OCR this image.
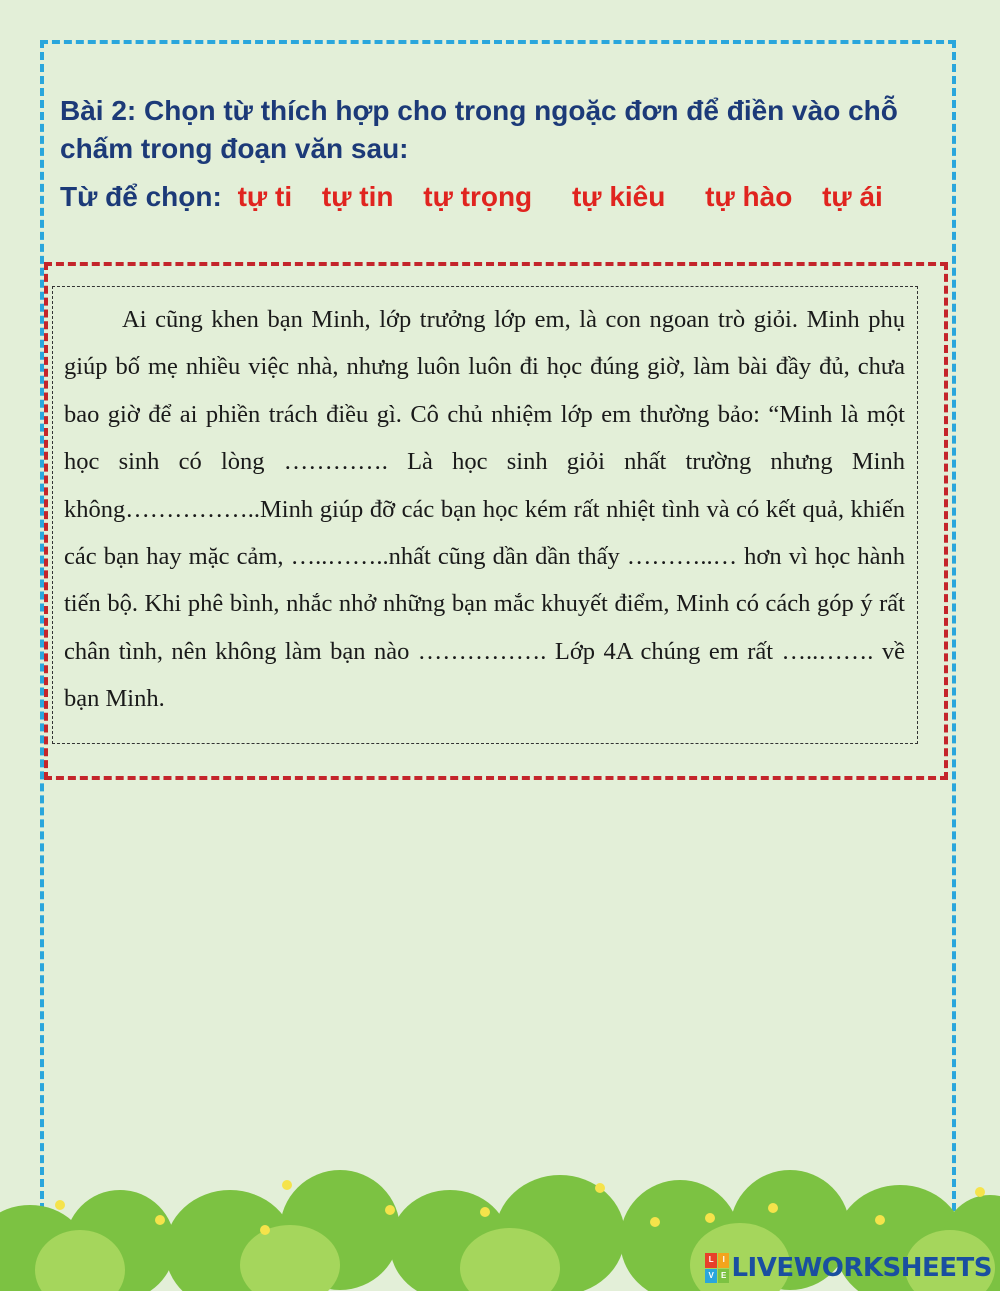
Bài 2: Chọn từ thích hợp cho trong ngoặc đơn để điền vào chỗ chấm trong đoạn văn sau:
Từ để chọn: tự ti tự tin tự trọng tự kiêu tự hào tự ái

Ai cũng khen bạn Minh, lớp trưởng lớp em, là con ngoan trò giỏi. Minh phụ giúp bố mẹ nhiều việc nhà, nhưng luôn luôn đi học đúng giờ, làm bài đầy đủ, chưa bao giờ để ai phiền trách điều gì. Cô chủ nhiệm lớp em thường bảo: “Minh là một học sinh có lòng …………. Là học sinh giỏi nhất trường nhưng Minh không……………..Minh giúp đỡ các bạn học kém rất nhiệt tình và có kết quả, khiến các bạn hay mặc cảm, …..……..nhất cũng dần dần thấy ………..… hơn vì học hành tiến bộ. Khi phê bình, nhắc nhở những bạn mắc khuyết điểm, Minh có cách góp ý rất chân tình, nên không làm bạn nào ……………. Lớp 4A chúng em rất …..……. về bạn Minh.

L	I
V E LIVEWORKSHEETS
